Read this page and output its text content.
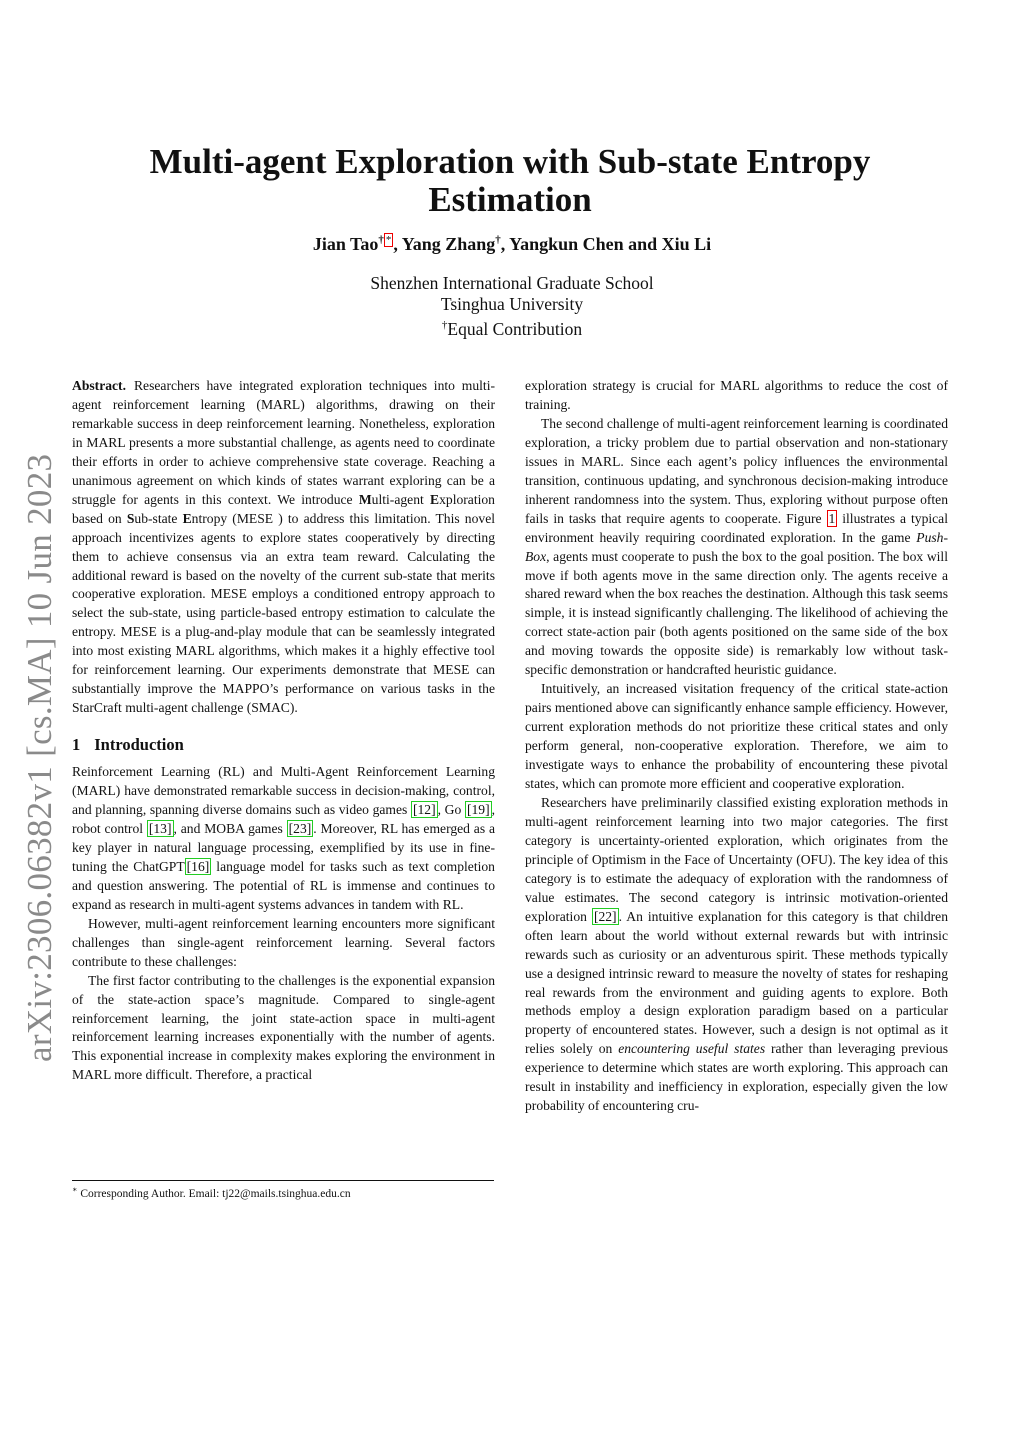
arXiv:2306.06382v1 [cs.MA] 10 Jun 2023
Multi-agent Exploration with Sub-state Entropy Estimation
Jian Tao† * , Yang Zhang†, Yangkun Chen and Xiu Li
Shenzhen International Graduate School
Tsinghua University
†Equal Contribution

Abstract. Researchers have integrated exploration techniques into multi-agent reinforcement learning (MARL) algorithms, drawing on their remarkable success in deep reinforcement learning. Nonetheless, exploration in MARL presents a more substantial challenge, as agents need to coordinate their efforts in order to achieve comprehensive state coverage. Reaching a unanimous agreement on which kinds of states warrant exploring can be a struggle for agents in this context. We introduce Multi-agent Exploration based on Sub-state Entropy (MESE ) to address this limitation. This novel approach incentivizes agents to explore states cooperatively by directing them to achieve consensus via an extra team reward. Calculating the additional reward is based on the novelty of the current sub-state that merits cooperative exploration. MESE employs a conditioned entropy approach to select the sub-state, using particle-based entropy estimation to calculate the entropy. MESE is a plug-and-play module that can be seamlessly integrated into most existing MARL algorithms, which makes it a highly effective tool for reinforcement learning. Our experiments demonstrate that MESE can substantially improve the MAPPO’s performance on various tasks in the StarCraft multi-agent challenge (SMAC).

1 Introduction

Reinforcement Learning (RL) and Multi-Agent Reinforcement Learning (MARL) have demonstrated remarkable success in decision-making, control, and planning, spanning diverse domains such as video games [12] , Go [19] , robot control [13] , and MOBA games [23] . Moreover, RL has emerged as a key player in natural language processing, exemplified by its use in fine-tuning the ChatGPT [16] language model for tasks such as text completion and question answering. The potential of RL is immense and continues to expand as research in multi-agent systems advances in tandem with RL.

However, multi-agent reinforcement learning encounters more significant challenges than single-agent reinforcement learning. Several factors contribute to these challenges:

The first factor contributing to the challenges is the exponential expansion of the state-action space’s magnitude. Compared to single-agent reinforcement learning, the joint state-action space in multi-agent reinforcement learning increases exponentially with the number of agents. This exponential increase in complexity makes exploring the environment in MARL more difficult. Therefore, a practical

exploration strategy is crucial for MARL algorithms to reduce the cost of training.

The second challenge of multi-agent reinforcement learning is coordinated exploration, a tricky problem due to partial observation and non-stationary issues in MARL. Since each agent’s policy influences the environmental transition, continuous updating, and synchronous decision-making introduce inherent randomness into the system. Thus, exploring without purpose often fails in tasks that require agents to cooperate. Figure 1 illustrates a typical environment heavily requiring coordinated exploration. In the game Push-Box, agents must cooperate to push the box to the goal position. The box will move if both agents move in the same direction only. The agents receive a shared reward when the box reaches the destination. Although this task seems simple, it is instead significantly challenging. The likelihood of achieving the correct state-action pair (both agents positioned on the same side of the box and moving towards the opposite side) is remarkably low without task-specific demonstration or handcrafted heuristic guidance.

Intuitively, an increased visitation frequency of the critical state-action pairs mentioned above can significantly enhance sample efficiency. However, current exploration methods do not prioritize these critical states and only perform general, non-cooperative exploration. Therefore, we aim to investigate ways to enhance the probability of encountering these pivotal states, which can promote more efficient and cooperative exploration.

Researchers have preliminarily classified existing exploration methods in multi-agent reinforcement learning into two major categories. The first category is uncertainty-oriented exploration, which originates from the principle of Optimism in the Face of Uncertainty (OFU). The key idea of this category is to estimate the adequacy of exploration with the randomness of value estimates. The second category is intrinsic motivation-oriented exploration [22] . An intuitive explanation for this category is that children often learn about the world without external rewards but with intrinsic rewards such as curiosity or an adventurous spirit. These methods typically use a designed intrinsic reward to measure the novelty of states for reshaping real rewards from the environment and guiding agents to explore. Both methods employ a design exploration paradigm based on a particular property of encountered states. However, such a design is not optimal as it relies solely on encountering useful states rather than leveraging previous experience to determine which states are worth exploring. This approach can result in instability and inefficiency in exploration, especially given the low probability of encountering cru-

∗ Corresponding Author. Email: tj22@mails.tsinghua.edu.cn
